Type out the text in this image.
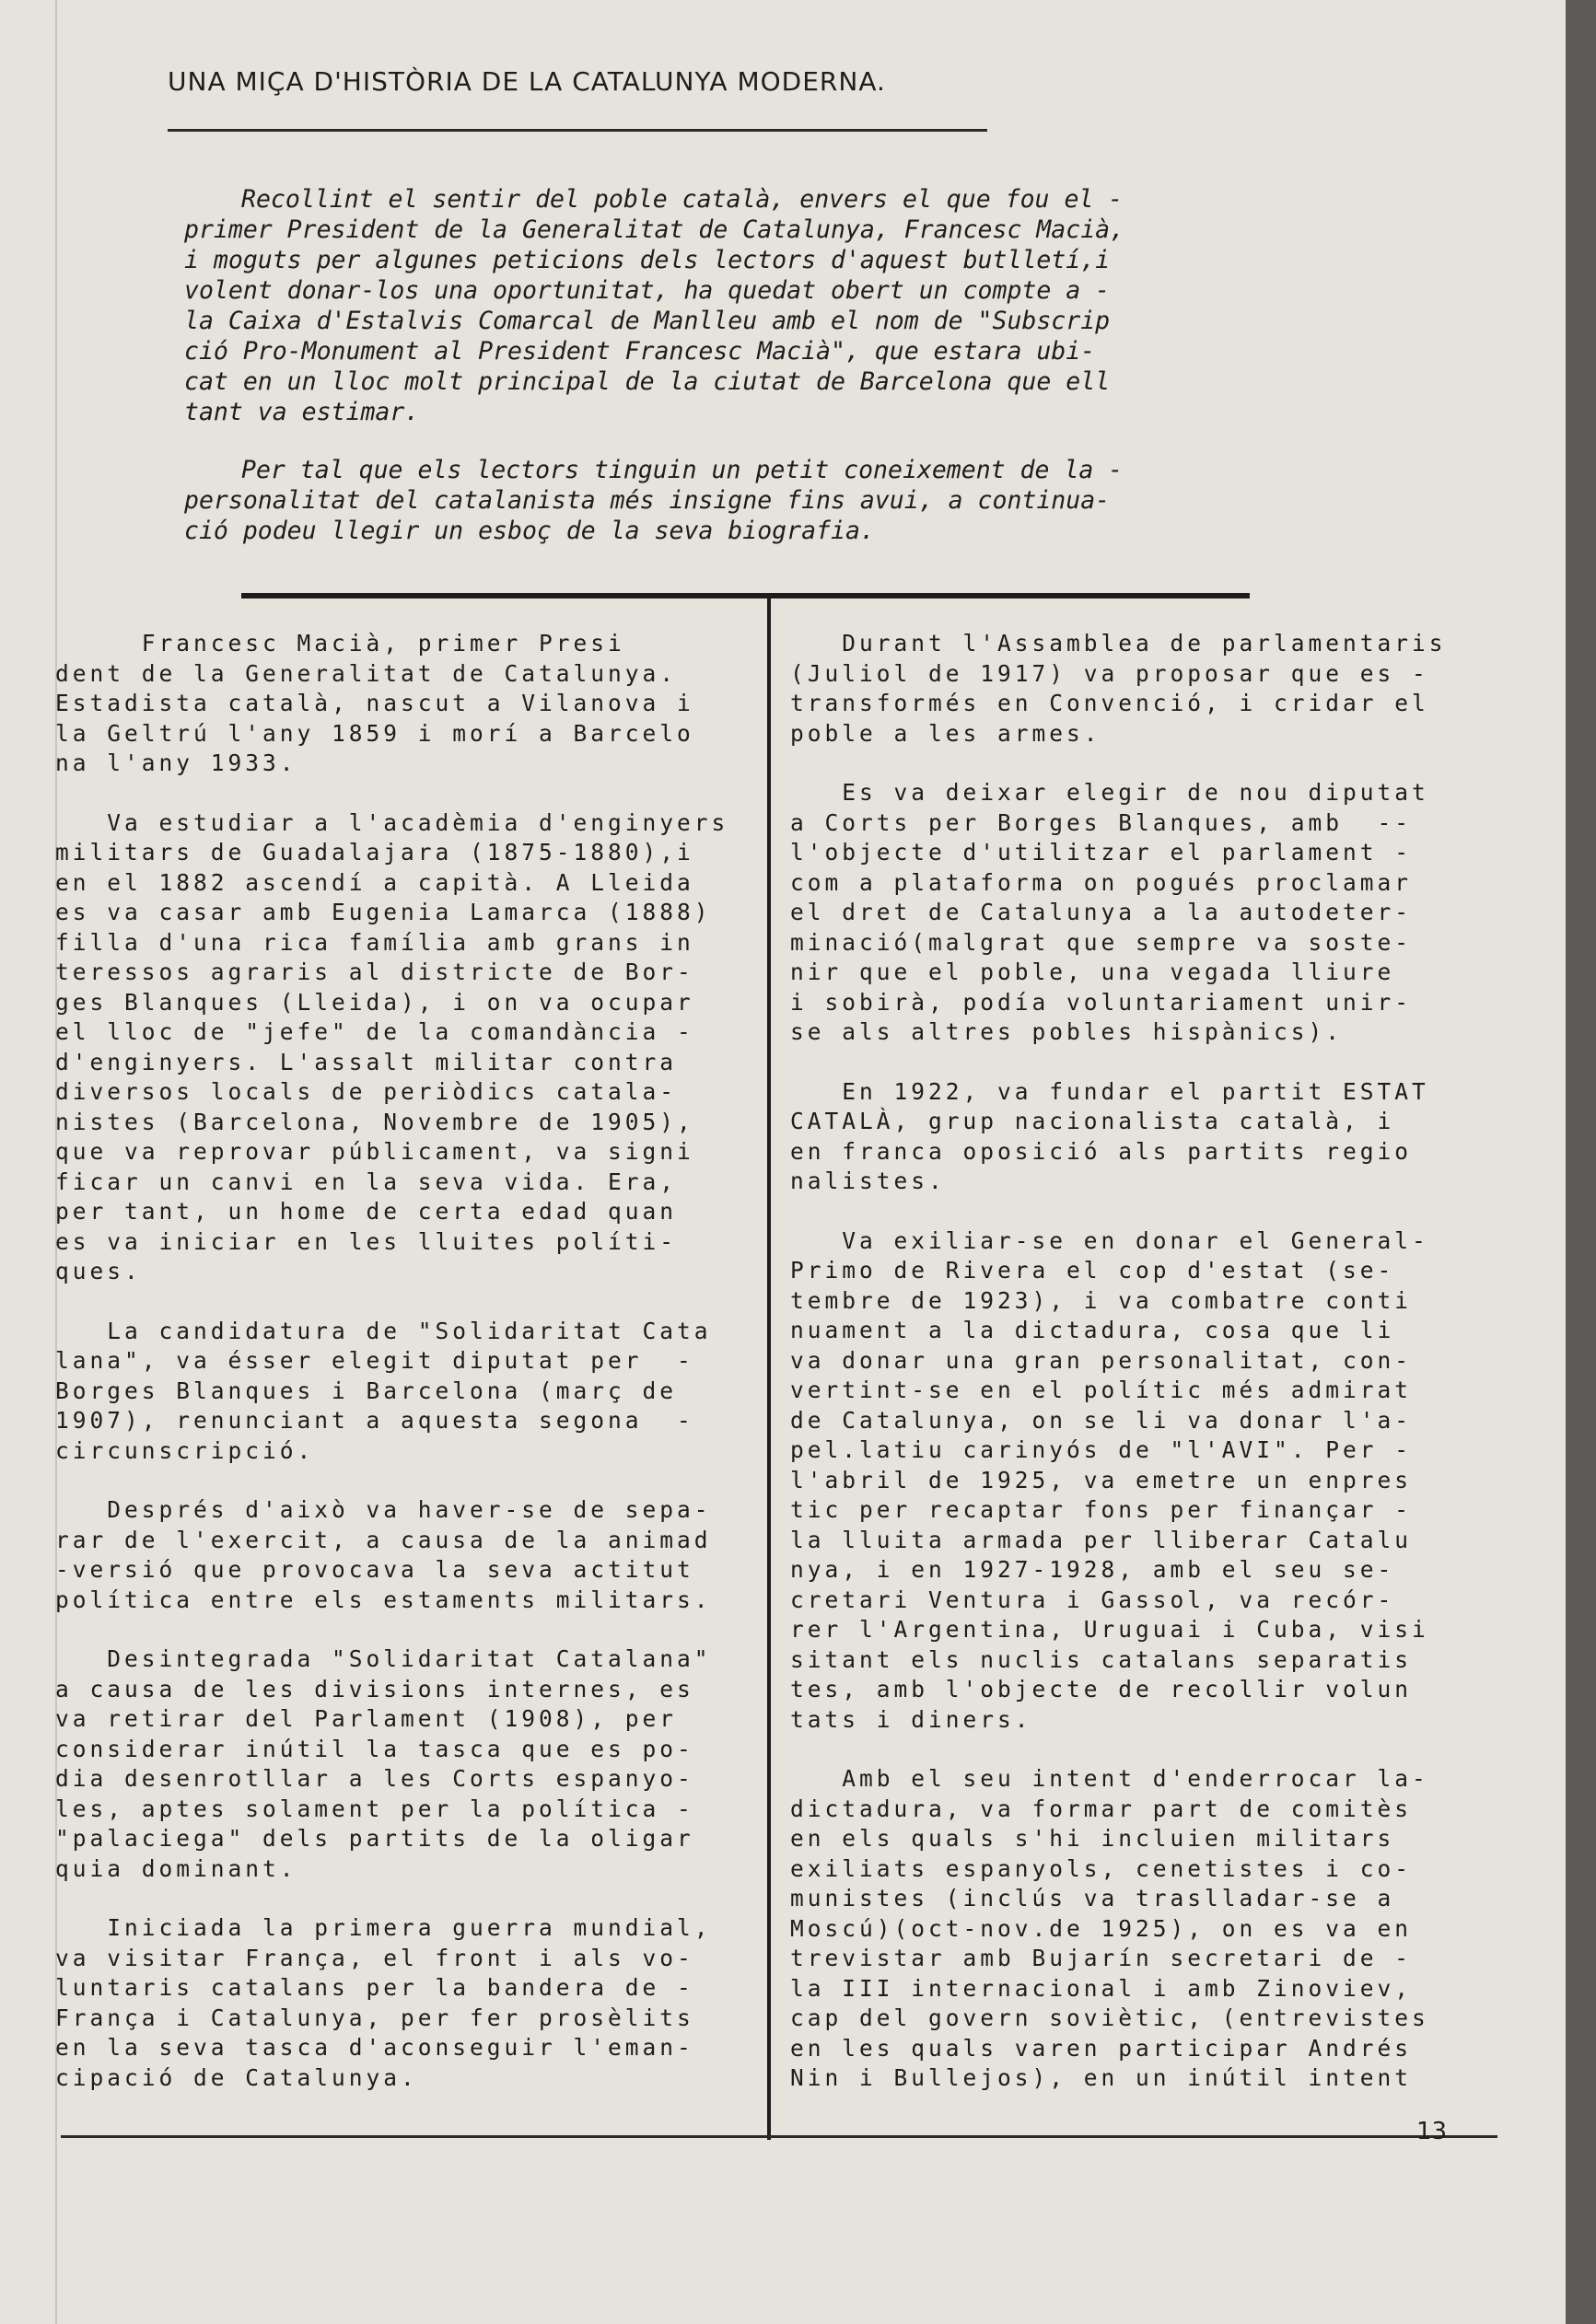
UNA MIÇA D'HISTÒRIA DE LA CATALUNYA MODERNA.

Recollint el sentir del poble català, envers el que fou el -
primer President de la Generalitat de Catalunya, Francesc Macià,
i moguts per algunes peticions dels lectors d'aquest butlletí,i
volent donar-los una oportunitat, ha quedat obert un compte a -
la Caixa d'Estalvis Comarcal de Manlleu amb el nom de "Subscrip
ció Pro-Monument al President Francesc Macià", que estara ubi-
cat en un lloc molt principal de la ciutat de Barcelona que ell
tant va estimar.

Per tal que els lectors tinguin un petit coneixement de la -
personalitat del catalanista més insigne fins avui, a continua-
ció podeu llegir un esboç de la seva biografia.

Francesc Macià, primer Presi
dent de la Generalitat de Catalunya.
Estadista català, nascut a Vilanova i
la Geltrú l'any 1859 i morí a Barcelo
na l'any 1933.

Va estudiar a l'acadèmia d'enginyers
militars de Guadalajara (1875-1880),i
en el 1882 ascendí a capità. A Lleida
es va casar amb Eugenia Lamarca (1888)
filla d'una rica família amb grans in
teressos agraris al districte de Bor-
ges Blanques (Lleida), i on va ocupar
el lloc de "jefe" de la comandància -
d'enginyers. L'assalt militar contra
diversos locals de periòdics catala-
nistes (Barcelona, Novembre de 1905),
que va reprovar públicament, va signi
ficar un canvi en la seva vida. Era,
per tant, un home de certa edad quan
es va iniciar en les lluites políti-
ques.

La candidatura de "Solidaritat Cata
lana", va ésser elegit diputat per  -
Borges Blanques i Barcelona (març de
1907), renunciant a aquesta segona  -
circunscripció.

Després d'això va haver-se de sepa-
rar de l'exercit, a causa de la animad
-versió que provocava la seva actitut
política entre els estaments militars.

Desintegrada "Solidaritat Catalana"
a causa de les divisions internes, es
va retirar del Parlament (1908), per
considerar inútil la tasca que es po-
dia desenrotllar a les Corts espanyo-
les, aptes solament per la política -
"palaciega" dels partits de la oligar
quia dominant.

Iniciada la primera guerra mundial,
va visitar França, el front i als vo-
luntaris catalans per la bandera de -
França i Catalunya, per fer prosèlits
en la seva tasca d'aconseguir l'eman-
cipació de Catalunya.

Durant l'Assamblea de parlamentaris
(Juliol de 1917) va proposar que es -
transformés en Convenció, i cridar el
poble a les armes.

Es va deixar elegir de nou diputat
a Corts per Borges Blanques, amb  --
l'objecte d'utilitzar el parlament -
com a plataforma on pogués proclamar
el dret de Catalunya a la autodeter-
minació(malgrat que sempre va soste-
nir que el poble, una vegada lliure
i sobirà, podía voluntariament unir-
se als altres pobles hispànics).

En 1922, va fundar el partit ESTAT
CATALÀ, grup nacionalista català, i
en franca oposició als partits regio
nalistes.

Va exiliar-se en donar el General-
Primo de Rivera el cop d'estat (se-
tembre de 1923), i va combatre conti
nuament a la dictadura, cosa que li
va donar una gran personalitat, con-
vertint-se en el polític més admirat
de Catalunya, on se li va donar l'a-
pel.latiu carinyós de "l'AVI". Per -
l'abril de 1925, va emetre un enpres
tic per recaptar fons per finançar -
la lluita armada per lliberar Catalu
nya, i en 1927-1928, amb el seu se-
cretari Ventura i Gassol, va recór-
rer l'Argentina, Uruguai i Cuba, visi
sitant els nuclis catalans separatis
tes, amb l'objecte de recollir volun
tats i diners.

Amb el seu intent d'enderrocar la-
dictadura, va formar part de comitès
en els quals s'hi incluien militars
exiliats espanyols, cenetistes i co-
munistes (inclús va traslladar-se a
Moscú)(oct-nov.de 1925), on es va en
trevistar amb Bujarín secretari de -
la III internacional i amb Zinoviev,
cap del govern soviètic, (entrevistes
en les quals varen participar Andrés
Nin i Bullejos), en un inútil intent

13
